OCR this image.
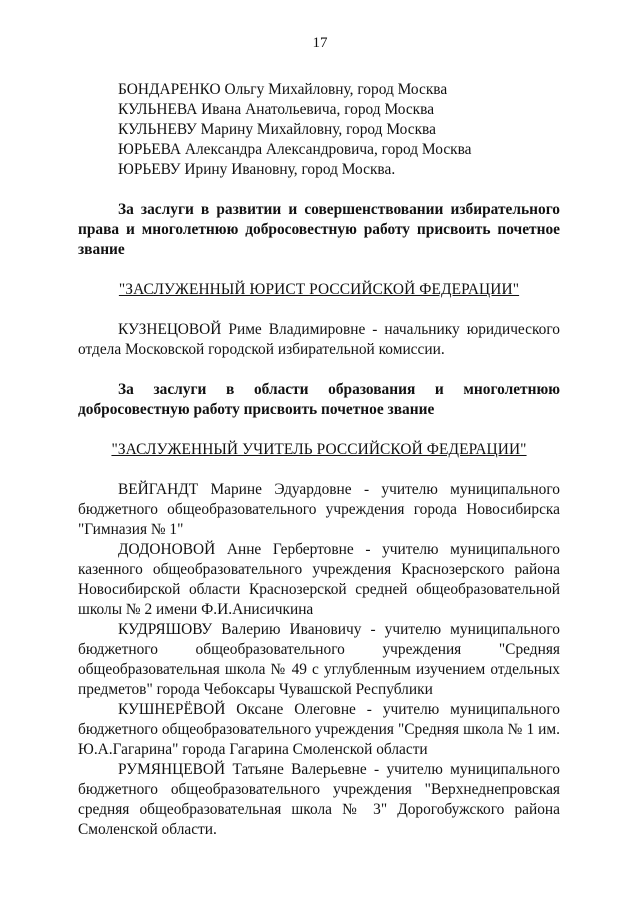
17
БОНДАРЕНКО Ольгу Михайловну, город Москва
КУЛЬНЕВА Ивана Анатольевича, город Москва
КУЛЬНЕВУ Марину Михайловну, город Москва
ЮРЬЕВА Александра Александровича, город Москва
ЮРЬЕВУ Ирину Ивановну, город Москва.
За заслуги в развитии и совершенствовании избирательного права и многолетнюю добросовестную работу присвоить почетное звание
"ЗАСЛУЖЕННЫЙ ЮРИСТ РОССИЙСКОЙ ФЕДЕРАЦИИ"

КУЗНЕЦОВОЙ Риме Владимировне - начальнику юридического отдела Московской городской избирательной комиссии.

За заслуги в области образования и многолетнюю добросовестную работу присвоить почетное звание
"ЗАСЛУЖЕННЫЙ УЧИТЕЛЬ РОССИЙСКОЙ ФЕДЕРАЦИИ"

ВЕЙГАНДТ Марине Эдуардовне - учителю муниципального бюджетного общеобразовательного учреждения города Новосибирска "Гимназия № 1"

ДОДОНОВОЙ Анне Гербертовне - учителю муниципального казенного общеобразовательного учреждения Краснозерского района Новосибирской области Краснозерской средней общеобразовательной школы № 2 имени Ф.И.Анисичкина

КУДРЯШОВУ Валерию Ивановичу - учителю муниципального бюджетного общеобразовательного учреждения "Средняя общеобразовательная школа № 49 с углубленным изучением отдельных предметов" города Чебоксары Чувашской Республики

КУШНЕРЁВОЙ Оксане Олеговне - учителю муниципального бюджетного общеобразовательного учреждения "Средняя школа № 1 им. Ю.А.Гагарина" города Гагарина Смоленской области

РУМЯНЦЕВОЙ Татьяне Валерьевне - учителю муниципального бюджетного общеобразовательного учреждения "Верхнеднепровская средняя общеобразовательная школа № 3" Дорогобужского района Смоленской области.
